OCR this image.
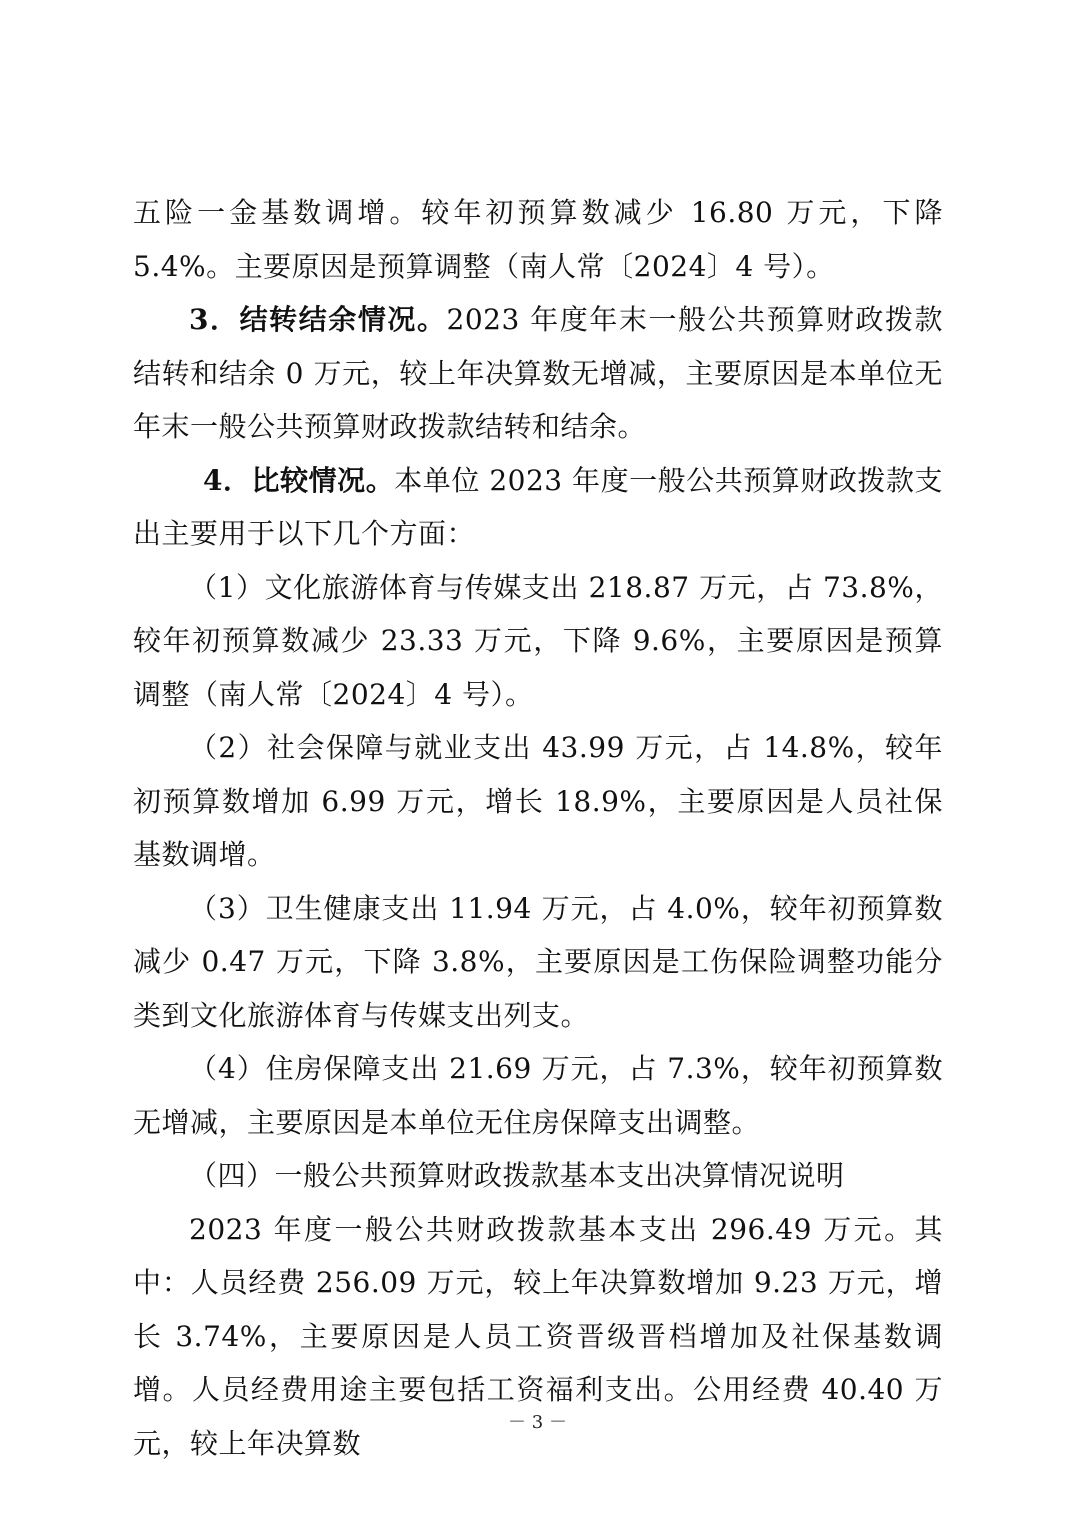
五险一金基数调增。较年初预算数减少 16.80 万元，下降 5.4%。主要原因是预算调整（南人常〔2024〕4 号）。

3．结转结余情况。2023 年度年末一般公共预算财政拨款结转和结余 0 万元，较上年决算数无增减，主要原因是本单位无年末一般公共预算财政拨款结转和结余。

4．比较情况。本单位 2023 年度一般公共预算财政拨款支出主要用于以下几个方面：

（1）文化旅游体育与传媒支出 218.87 万元，占 73.8%，较年初预算数减少 23.33 万元，下降 9.6%，主要原因是预算调整（南人常〔2024〕4 号）。

（2）社会保障与就业支出 43.99 万元，占 14.8%，较年初预算数增加 6.99 万元，增长 18.9%，主要原因是人员社保基数调增。

（3）卫生健康支出 11.94 万元，占 4.0%，较年初预算数减少 0.47 万元，下降 3.8%，主要原因是工伤保险调整功能分类到文化旅游体育与传媒支出列支。

（4）住房保障支出 21.69 万元，占 7.3%，较年初预算数无增减，主要原因是本单位无住房保障支出调整。

（四）一般公共预算财政拨款基本支出决算情况说明

2023 年度一般公共财政拨款基本支出 296.49 万元。其中：人员经费 256.09 万元，较上年决算数增加 9.23 万元，增长 3.74%，主要原因是人员工资晋级晋档增加及社保基数调增。人员经费用途主要包括工资福利支出。公用经费 40.40 万元，较上年决算数

－ 3 －
